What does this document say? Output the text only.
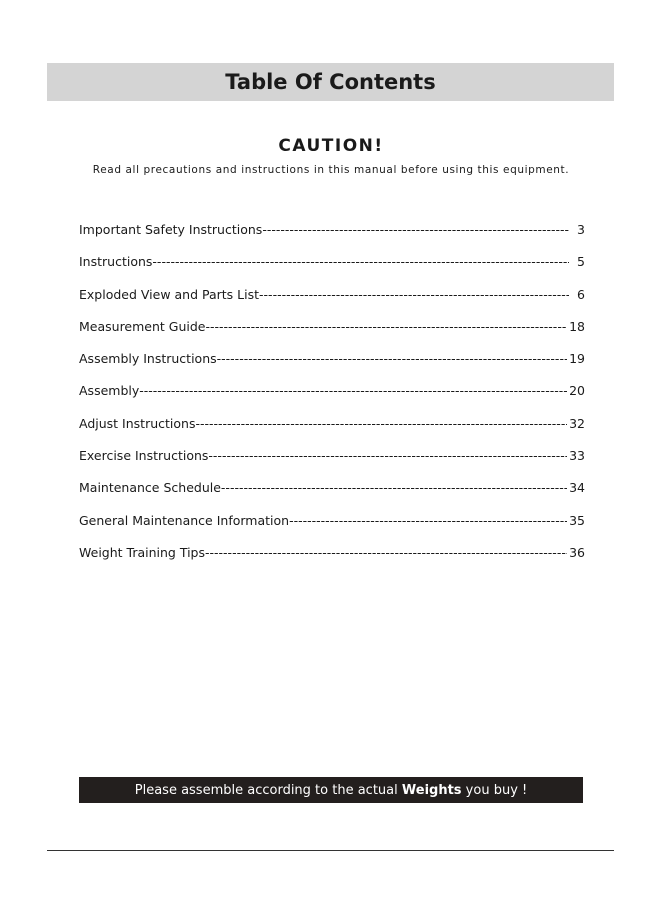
Table Of Contents
CAUTION!
Read all precautions and instructions in this manual before using this equipment.
Important Safety Instructions -----	3
Instructions -----	5
Exploded View and Parts List -----	6
Measurement Guide -----	18
Assembly Instructions -----	19
Assembly -----	20
Adjust Instructions -----	32
Exercise Instructions -----	33
Maintenance Schedule -----	34
General Maintenance Information -----	35
Weight Training Tips -----	36
Please assemble according to the actual Weights you buy !
